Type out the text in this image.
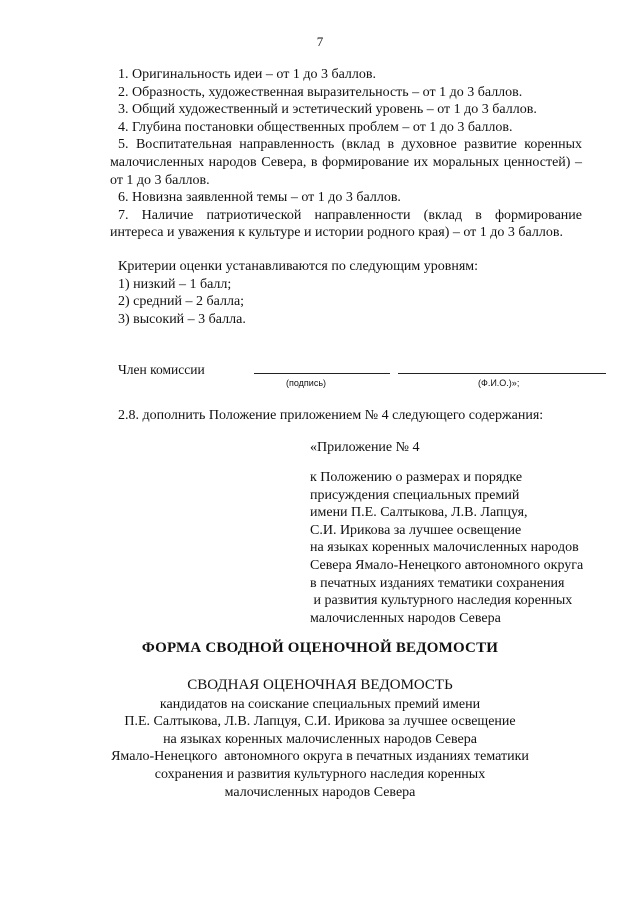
7

1. Оригинальность идеи – от 1 до 3 баллов.

2. Образность, художественная выразительность – от 1 до 3 баллов.

3. Общий художественный и эстетический уровень – от 1 до 3 баллов.

4. Глубина постановки общественных проблем – от 1 до 3 баллов.

5. Воспитательная направленность (вклад в духовное развитие коренных
малочисленных народов Севера, в формирование их моральных ценностей) –
от 1 до 3 баллов.

6. Новизна заявленной темы – от 1 до 3 баллов.

7. Наличие патриотической направленности (вклад в формирование
интереса и уважения к культуре и истории родного края) – от 1 до 3 баллов.

Критерии оценки устанавливаются по следующим уровням:

1) низкий – 1 балл;

2) средний – 2 балла;

3) высокий – 3 балла.

Член комиссии
(подпись)	(Ф.И.О.)»;
2.8. дополнить Положение приложением № 4 следующего содержания:
«Приложение № 4
к Положению о размерах и порядке
присуждения специальных премий
имени П.Е. Салтыкова, Л.В. Лапцуя,
С.И. Ирикова за лучшее освещение
на языках коренных малочисленных народов
Севера Ямало-Ненецкого автономного округа
в печатных изданиях тематики сохранения
и развития культурного наследия коренных
малочисленных народов Севера
ФОРМА СВОДНОЙ ОЦЕНОЧНОЙ ВЕДОМОСТИ
СВОДНАЯ ОЦЕНОЧНАЯ ВЕДОМОСТЬ
кандидатов на соискание специальных премий имени
П.Е. Салтыкова, Л.В. Лапцуя, С.И. Ирикова за лучшее освещение
на языках коренных малочисленных народов Севера
Ямало-Ненецкого  автономного округа в печатных изданиях тематики
сохранения и развития культурного наследия коренных
малочисленных народов Севера
